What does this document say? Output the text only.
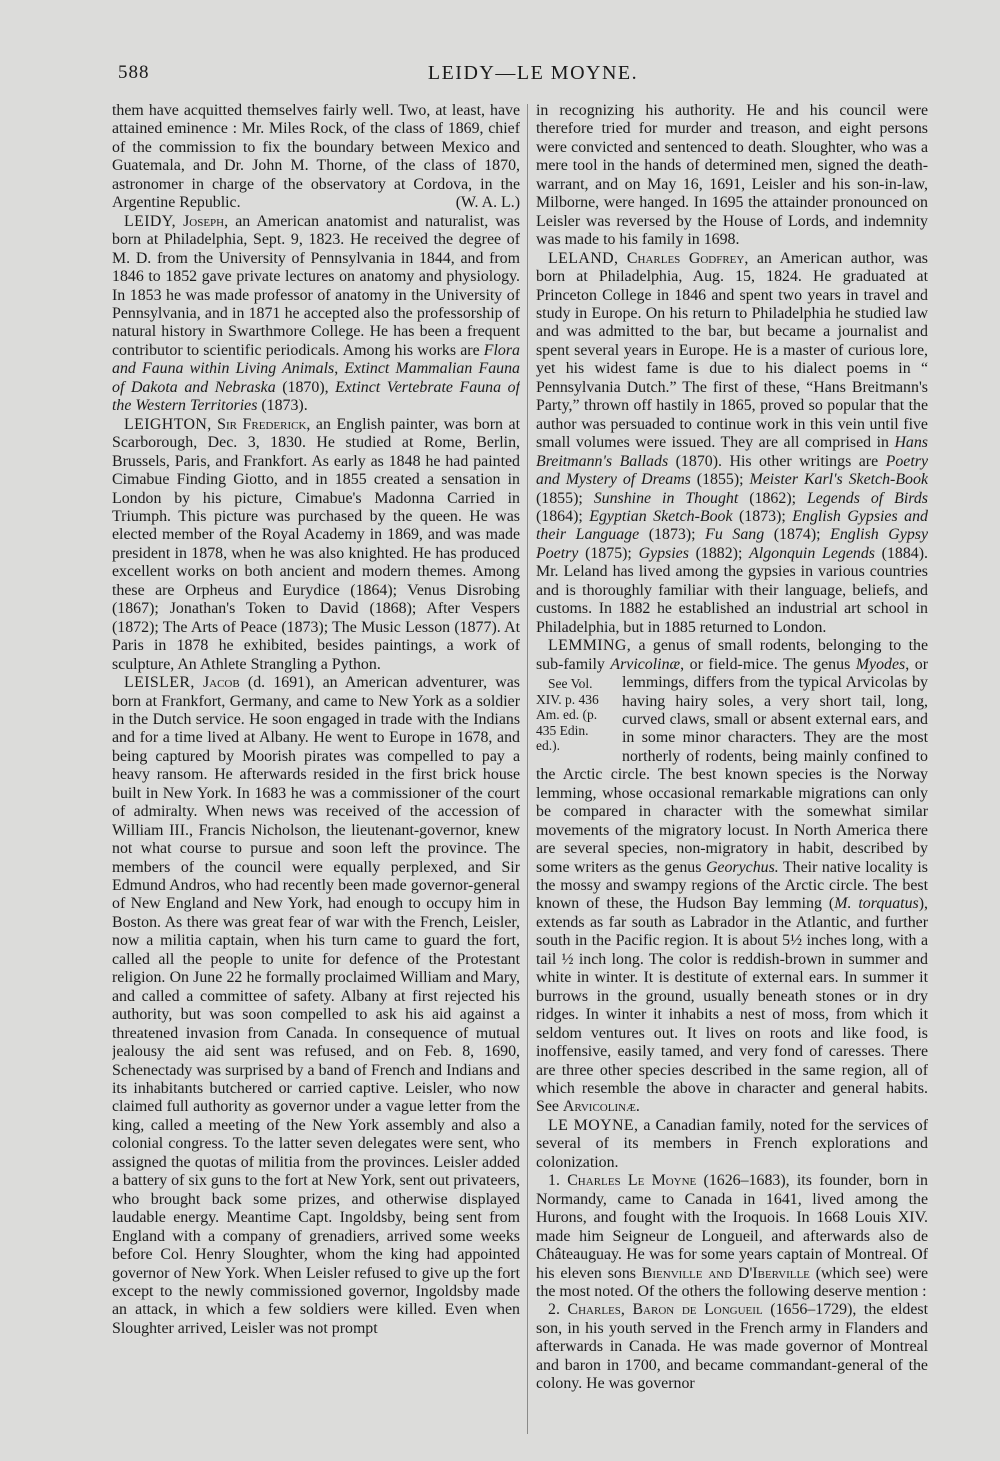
588	LEIDY—LE MOYNE.

them have acquitted themselves fairly well. Two, at least, have attained eminence : Mr. Miles Rock, of the class of 1869, chief of the commission to fix the boundary between Mexico and Guatemala, and Dr. John M. Thorne, of the class of 1870, astronomer in charge of the observatory at Cordova, in the Argentine Republic.	(W. A. L.)

LEIDY, Joseph, an American anatomist and naturalist, was born at Philadelphia, Sept. 9, 1823. He received the degree of M. D. from the University of Pennsylvania in 1844, and from 1846 to 1852 gave private lectures on anatomy and physiology. In 1853 he was made professor of anatomy in the University of Pennsylvania, and in 1871 he accepted also the professorship of natural history in Swarthmore College. He has been a frequent contributor to scientific periodicals. Among his works are Flora and Fauna within Living Animals, Extinct Mammalian Fauna of Dakota and Nebraska (1870), Extinct Vertebrate Fauna of the Western Territories (1873).

LEIGHTON, Sir Frederick, an English painter, was born at Scarborough, Dec. 3, 1830. He studied at Rome, Berlin, Brussels, Paris, and Frankfort. As early as 1848 he had painted Cimabue Finding Giotto, and in 1855 created a sensation in London by his picture, Cimabue's Madonna Carried in Triumph. This picture was purchased by the queen. He was elected member of the Royal Academy in 1869, and was made president in 1878, when he was also knighted. He has produced excellent works on both ancient and modern themes. Among these are Orpheus and Eurydice (1864); Venus Disrobing (1867); Jonathan's Token to David (1868); After Vespers (1872); The Arts of Peace (1873); The Music Lesson (1877). At Paris in 1878 he exhibited, besides paintings, a work of sculpture, An Athlete Strangling a Python.

LEISLER, Jacob (d. 1691), an American adventurer, was born at Frankfort, Germany, and came to New York as a soldier in the Dutch service. He soon engaged in trade with the Indians and for a time lived at Albany. He went to Europe in 1678, and being captured by Moorish pirates was compelled to pay a heavy ransom. He afterwards resided in the first brick house built in New York. In 1683 he was a commissioner of the court of admiralty. When news was received of the accession of William III., Francis Nicholson, the lieutenant-governor, knew not what course to pursue and soon left the province. The members of the council were equally perplexed, and Sir Edmund Andros, who had recently been made governor-general of New England and New York, had enough to occupy him in Boston. As there was great fear of war with the French, Leisler, now a militia captain, when his turn came to guard the fort, called all the people to unite for defence of the Protestant religion. On June 22 he formally proclaimed William and Mary, and called a committee of safety. Albany at first rejected his authority, but was soon compelled to ask his aid against a threatened invasion from Canada. In consequence of mutual jealousy the aid sent was refused, and on Feb. 8, 1690, Schenectady was surprised by a band of French and Indians and its inhabitants butchered or carried captive. Leisler, who now claimed full authority as governor under a vague letter from the king, called a meeting of the New York assembly and also a colonial congress. To the latter seven delegates were sent, who assigned the quotas of militia from the provinces. Leisler added a battery of six guns to the fort at New York, sent out privateers, who brought back some prizes, and otherwise displayed laudable energy. Meantime Capt. Ingoldsby, being sent from England with a company of grenadiers, arrived some weeks before Col. Henry Sloughter, whom the king had appointed governor of New York. When Leisler refused to give up the fort except to the newly commissioned governor, Ingoldsby made an attack, in which a few soldiers were killed. Even when Sloughter arrived, Leisler was not prompt

in recognizing his authority. He and his council were therefore tried for murder and treason, and eight persons were convicted and sentenced to death. Sloughter, who was a mere tool in the hands of determined men, signed the death-warrant, and on May 16, 1691, Leisler and his son-in-law, Milborne, were hanged. In 1695 the attainder pronounced on Leisler was reversed by the House of Lords, and indemnity was made to his family in 1698.

LELAND, Charles Godfrey, an American author, was born at Philadelphia, Aug. 15, 1824. He graduated at Princeton College in 1846 and spent two years in travel and study in Europe. On his return to Philadelphia he studied law and was admitted to the bar, but became a journalist and spent several years in Europe. He is a master of curious lore, yet his widest fame is due to his dialect poems in “ Pennsylvania Dutch.” The first of these, “Hans Breitmann's Party,” thrown off hastily in 1865, proved so popular that the author was persuaded to continue work in this vein until five small volumes were issued. They are all comprised in Hans Breitmann's Ballads (1870). His other writings are Poetry and Mystery of Dreams (1855); Meister Karl's Sketch-Book (1855); Sunshine in Thought (1862); Legends of Birds (1864); Egyptian Sketch-Book (1873); English Gypsies and their Language (1873); Fu Sang (1874); English Gypsy Poetry (1875); Gypsies (1882); Algonquin Legends (1884). Mr. Leland has lived among the gypsies in various countries and is thoroughly familiar with their language, beliefs, and customs. In 1882 he established an industrial art school in Philadelphia, but in 1885 returned to London.

LEMMING, a genus of small rodents, belonging to the sub-family Arvicolinæ, or field-mice. The genus
See Vol. XIV. p. 436 Am. ed. (p. 435 Edin. ed.).
Myodes, or lemmings, differs from the typical Arvicolas by having hairy soles, a very short tail, long, curved claws, small or absent external ears, and in some minor characters. They are the most northerly of rodents, being mainly confined to the Arctic circle. The best known species is the Norway lemming, whose occasional remarkable migrations can only be compared in character with the somewhat similar movements of the migratory locust. In North America there are several species, non-migratory in habit, described by some writers as the genus Georychus. Their native locality is the mossy and swampy regions of the Arctic circle. The best known of these, the Hudson Bay lemming (M. torquatus), extends as far south as Labrador in the Atlantic, and further south in the Pacific region. It is about 5½ inches long, with a tail ½ inch long. The color is reddish-brown in summer and white in winter. It is destitute of external ears. In summer it burrows in the ground, usually beneath stones or in dry ridges. In winter it inhabits a nest of moss, from which it seldom ventures out. It lives on roots and like food, is inoffensive, easily tamed, and very fond of caresses. There are three other species described in the same region, all of which resemble the above in character and general habits. See Arvicolinæ.

LE MOYNE, a Canadian family, noted for the services of several of its members in French explorations and colonization.

1. Charles Le Moyne (1626–1683), its founder, born in Normandy, came to Canada in 1641, lived among the Hurons, and fought with the Iroquois. In 1668 Louis XIV. made him Seigneur de Longueil, and afterwards also de Châteauguay. He was for some years captain of Montreal. Of his eleven sons Bienville and D'Iberville (which see) were the most noted. Of the others the following deserve mention :

2. Charles, Baron de Longueil (1656–1729), the eldest son, in his youth served in the French army in Flanders and afterwards in Canada. He was made governor of Montreal and baron in 1700, and became commandant-general of the colony. He was governor
